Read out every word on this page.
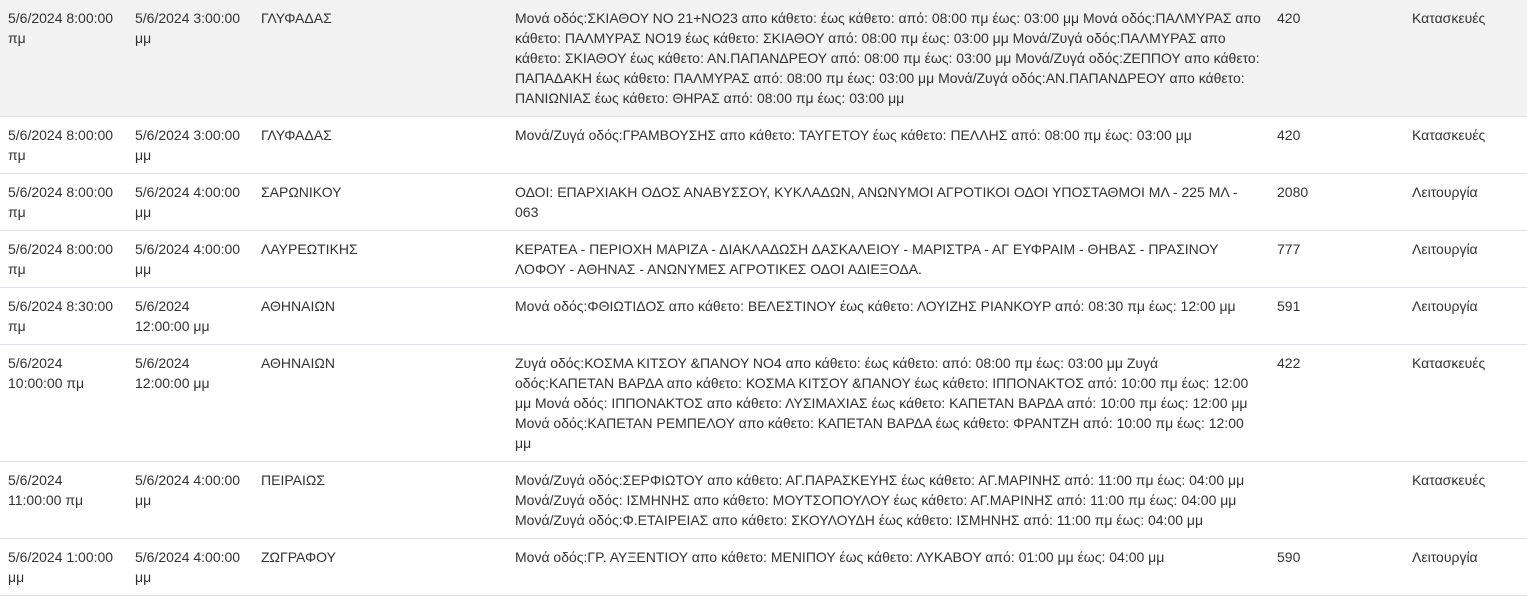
5/6/2024 8:00:00 πμ	5/6/2024 3:00:00 μμ	ΓΛΥΦΑΔΑΣ	Μονά οδός:ΣΚΙΑΘΟΥ ΝΟ 21+ΝΟ23 απο κάθετο: έως κάθετο: από: 08:00 πμ έως: 03:00 μμ Μονά οδός:ΠΑΛΜΥΡΑΣ απο κάθετο: ΠΑΛΜΥΡΑΣ ΝΟ19 έως κάθετο: ΣΚΙΑΘΟΥ από: 08:00 πμ έως: 03:00 μμ Μονά/Ζυγά οδός:ΠΑΛΜΥΡΑΣ απο κάθετο: ΣΚΙΑΘΟΥ έως κάθετο: ΑΝ.ΠΑΠΑΝΔΡΕΟΥ από: 08:00 πμ έως: 03:00 μμ Μονά/Ζυγά οδός:ΖΕΠΠΟΥ απο κάθετο: ΠΑΠΑΔΑΚΗ έως κάθετο: ΠΑΛΜΥΡΑΣ από: 08:00 πμ έως: 03:00 μμ Μονά/Ζυγά οδός:ΑΝ.ΠΑΠΑΝΔΡΕΟΥ απο κάθετο: ΠΑΝΙΩΝΙΑΣ έως κάθετο: ΘΗΡΑΣ από: 08:00 πμ έως: 03:00 μμ	420	Κατασκευές
5/6/2024 8:00:00 πμ	5/6/2024 3:00:00 μμ	ΓΛΥΦΑΔΑΣ	Μονά/Ζυγά οδός:ΓΡΑΜΒΟΥΣΗΣ απο κάθετο: ΤΑΥΓΕΤΟΥ έως κάθετο: ΠΕΛΛΗΣ από: 08:00 πμ έως: 03:00 μμ	420	Κατασκευές
5/6/2024 8:00:00 πμ	5/6/2024 4:00:00 μμ	ΣΑΡΩΝΙΚΟΥ	ΟΔΟΙ: ΕΠΑΡΧΙΑΚΗ ΟΔΟΣ ΑΝΑΒΥΣΣΟΥ, ΚΥΚΛΑΔΩΝ, ΑΝΩΝΥΜΟΙ ΑΓΡΟΤΙΚΟΙ ΟΔΟΙ ΥΠΟΣΤΑΘΜΟΙ ΜΛ - 225 ΜΛ - 063	2080	Λειτουργία
5/6/2024 8:00:00 πμ	5/6/2024 4:00:00 μμ	ΛΑΥΡΕΩΤΙΚΗΣ	ΚΕΡΑΤΕΑ - ΠΕΡΙΟΧΗ ΜΑΡΙΖΑ - ΔΙΑΚΛΑΔΩΣΗ ΔΑΣΚΑΛΕΙΟΥ - ΜΑΡΙΣΤΡΑ - ΑΓ ΕΥΦΡΑΙΜ - ΘΗΒΑΣ - ΠΡΑΣΙΝΟΥ ΛΟΦΟΥ - ΑΘΗΝΑΣ - ΑΝΩΝΥΜΕΣ ΑΓΡΟΤΙΚΕΣ ΟΔΟΙ ΑΔΙΕΞΟΔΑ.	777	Λειτουργία
5/6/2024 8:30:00 πμ	5/6/2024 12:00:00 μμ	ΑΘΗΝΑΙΩΝ	Μονά οδός:ΦΘΙΩΤΙΔΟΣ απο κάθετο: ΒΕΛΕΣΤΙΝΟΥ έως κάθετο: ΛΟΥΙΖΗΣ ΡΙΑΝΚΟΥΡ από: 08:30 πμ έως: 12:00 μμ	591	Λειτουργία
5/6/2024 10:00:00 πμ	5/6/2024 12:00:00 μμ	ΑΘΗΝΑΙΩΝ	Ζυγά οδός:ΚΟΣΜΑ ΚΙΤΣΟΥ &ΠΑΝΟΥ ΝΟ4 απο κάθετο: έως κάθετο: από: 08:00 πμ έως: 03:00 μμ Ζυγά οδός:ΚΑΠΕΤΑΝ ΒΑΡΔΑ απο κάθετο: ΚΟΣΜΑ ΚΙΤΣΟΥ &ΠΑΝΟΥ έως κάθετο: ΙΠΠΟΝΑΚΤΟΣ από: 10:00 πμ έως: 12:00 μμ Μονά οδός: ΙΠΠΟΝΑΚΤΟΣ απο κάθετο: ΛΥΣΙΜΑΧΙΑΣ έως κάθετο: ΚΑΠΕΤΑΝ ΒΑΡΔΑ από: 10:00 πμ έως: 12:00 μμ Μονά οδός:ΚΑΠΕΤΑΝ ΡΕΜΠΕΛΟΥ απο κάθετο: ΚΑΠΕΤΑΝ ΒΑΡΔΑ έως κάθετο: ΦΡΑΝΤΖΗ από: 10:00 πμ έως: 12:00 μμ	422	Κατασκευές
5/6/2024 11:00:00 πμ	5/6/2024 4:00:00 μμ	ΠΕΙΡΑΙΩΣ	Μονά/Ζυγά οδός:ΣΕΡΦΙΩΤΟΥ απο κάθετο: ΑΓ.ΠΑΡΑΣΚΕΥΗΣ έως κάθετο: ΑΓ.ΜΑΡΙΝΗΣ από: 11:00 πμ έως: 04:00 μμ Μονά/Ζυγά οδός: ΙΣΜΗΝΗΣ απο κάθετο: ΜΟΥΤΣΟΠΟΥΛΟΥ έως κάθετο: ΑΓ.ΜΑΡΙΝΗΣ από: 11:00 πμ έως: 04:00 μμ Μονά/Ζυγά οδός:Φ.ΕΤΑΙΡΕΙΑΣ απο κάθετο: ΣΚΟΥΛΟΥΔΗ έως κάθετο: ΙΣΜΗΝΗΣ από: 11:00 πμ έως: 04:00 μμ		Κατασκευές
5/6/2024 1:00:00 μμ	5/6/2024 4:00:00 μμ	ΖΩΓΡΑΦΟΥ	Μονά οδός:ΓΡ. ΑΥΞΕΝΤΙΟΥ απο κάθετο: ΜΕΝΙΠΟΥ έως κάθετο: ΛΥΚΑΒΟΥ από: 01:00 μμ έως: 04:00 μμ	590	Λειτουργία
